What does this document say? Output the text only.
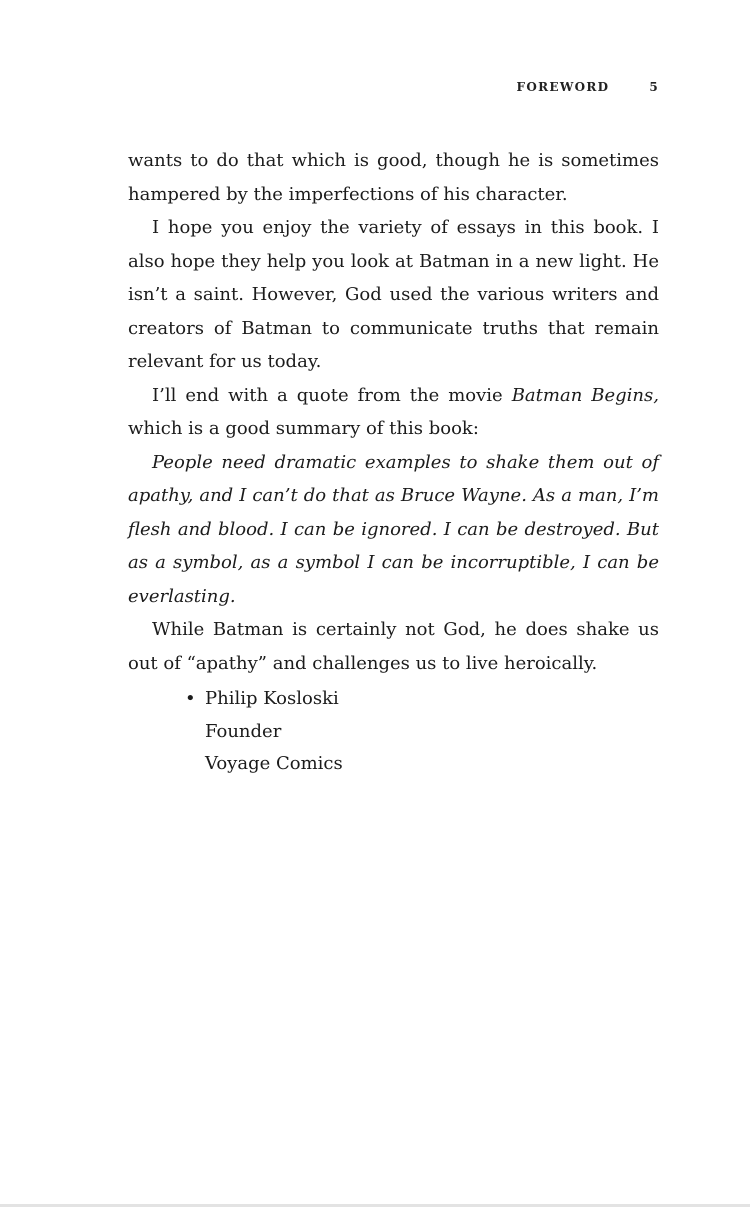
FOREWORD	5

wants to do that which is good, though he is sometimes hampered by the imperfections of his character.

I hope you enjoy the variety of essays in this book. I also hope they help you look at Batman in a new light. He isn’t a saint. However, God used the various writers and creators of Batman to communicate truths that remain relevant for us today.

I’ll end with a quote from the movie Batman Begins, which is a good summary of this book:

People need dramatic examples to shake them out of apathy, and I can’t do that as Bruce Wayne. As a man, I’m flesh and blood. I can be ignored. I can be destroyed. But as a symbol, as a symbol I can be incorruptible, I can be everlasting.

While Batman is certainly not God, he does shake us out of “apathy” and challenges us to live heroically.

• Philip Kosloski
Founder
Voyage Comics
